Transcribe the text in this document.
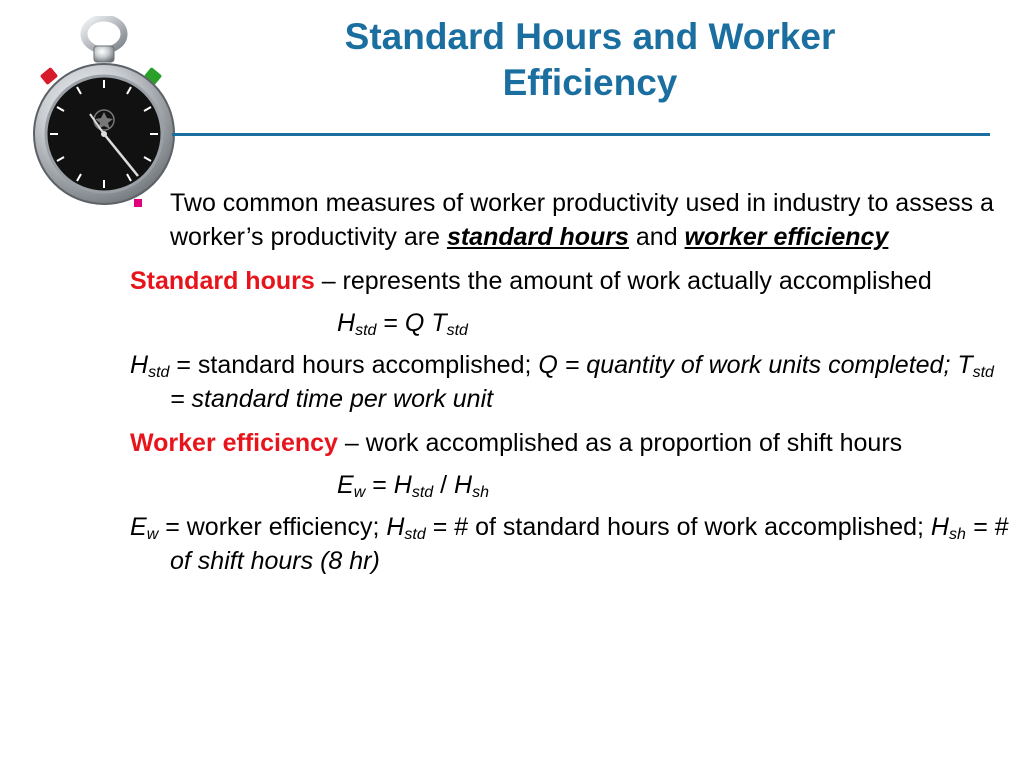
Standard Hours and Worker
Efficiency

Two common measures of worker productivity used in industry to assess a worker’s productivity are standard hours and worker efficiency

Standard hours – represents the amount of work actually accomplished

$H_{std} = Q$ $T_{std}$

$H_{std}$ = standard hours accomplished; Q = quantity of work units completed; $T_{std}$ = standard time per work unit

Worker efficiency – work accomplished as a proportion of shift hours

$E_w = H_{std} / H_{sh}$

$E_w$ = worker efficiency; $H_{std}$ = # of standard hours of work accomplished; $H_{sh}$ = # of shift hours (8 hr)
